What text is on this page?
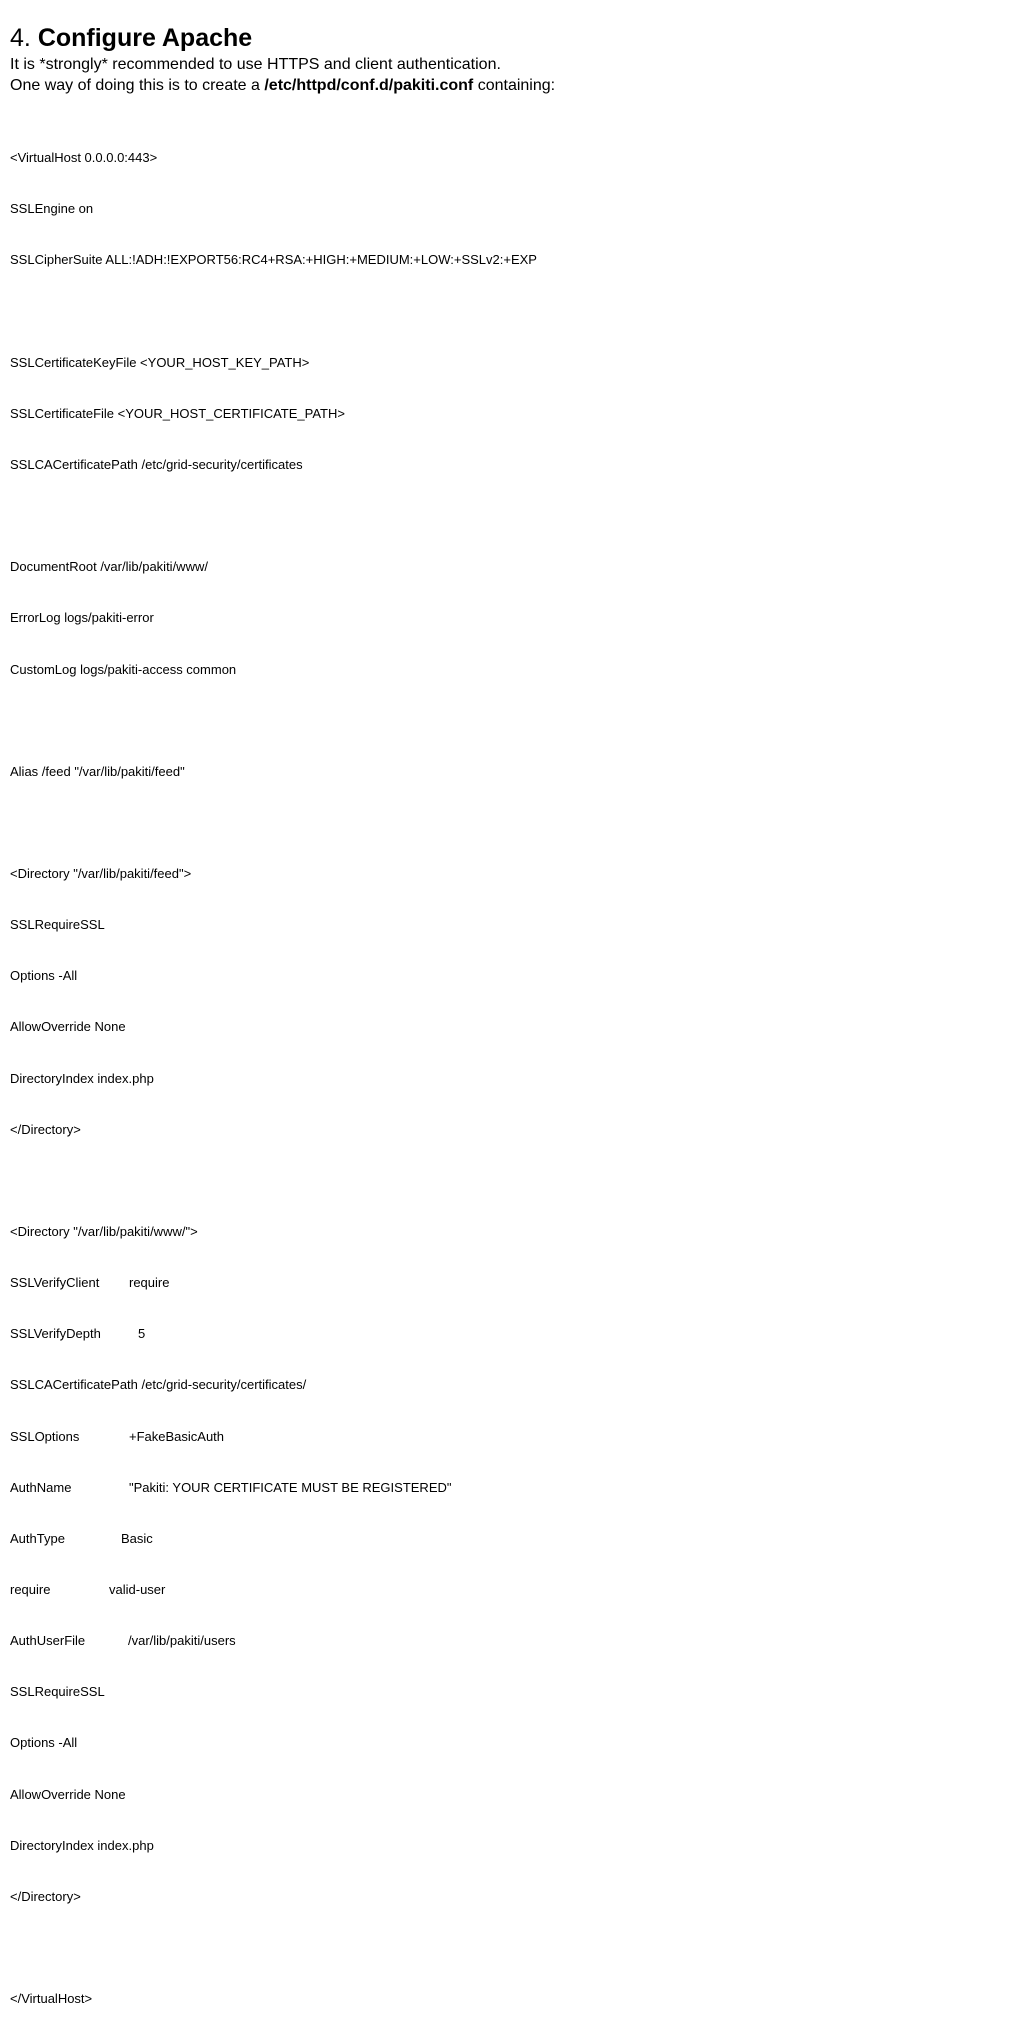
4. Configure Apache

It is *strongly* recommended to use HTTPS and client authentication.

One way of doing this is to create a /etc/httpd/conf.d/pakiti.conf containing:

<VirtualHost 0.0.0.0:443>

SSLEngine on

SSLCipherSuite ALL:!ADH:!EXPORT56:RC4+RSA:+HIGH:+MEDIUM:+LOW:+SSLv2:+EXP

SSLCertificateKeyFile <YOUR_HOST_KEY_PATH>

SSLCertificateFile <YOUR_HOST_CERTIFICATE_PATH>

SSLCACertificatePath /etc/grid-security/certificates

DocumentRoot /var/lib/pakiti/www/

ErrorLog logs/pakiti-error

CustomLog logs/pakiti-access common

Alias /feed "/var/lib/pakiti/feed"

<Directory "/var/lib/pakiti/feed">

SSLRequireSSL

Options -All

AllowOverride None

DirectoryIndex index.php

</Directory>

<Directory "/var/lib/pakiti/www/">

SSLVerifyClient require

SSLVerifyDepth	5

SSLCACertificatePath /etc/grid-security/certificates/

SSLOptions	+FakeBasicAuth

AuthName	"Pakiti: YOUR CERTIFICATE MUST BE REGISTERED"

AuthType	Basic

require	valid-user

AuthUserFile	/var/lib/pakiti/users

SSLRequireSSL

Options -All

AllowOverride None

DirectoryIndex index.php

</Directory>

</VirtualHost>
